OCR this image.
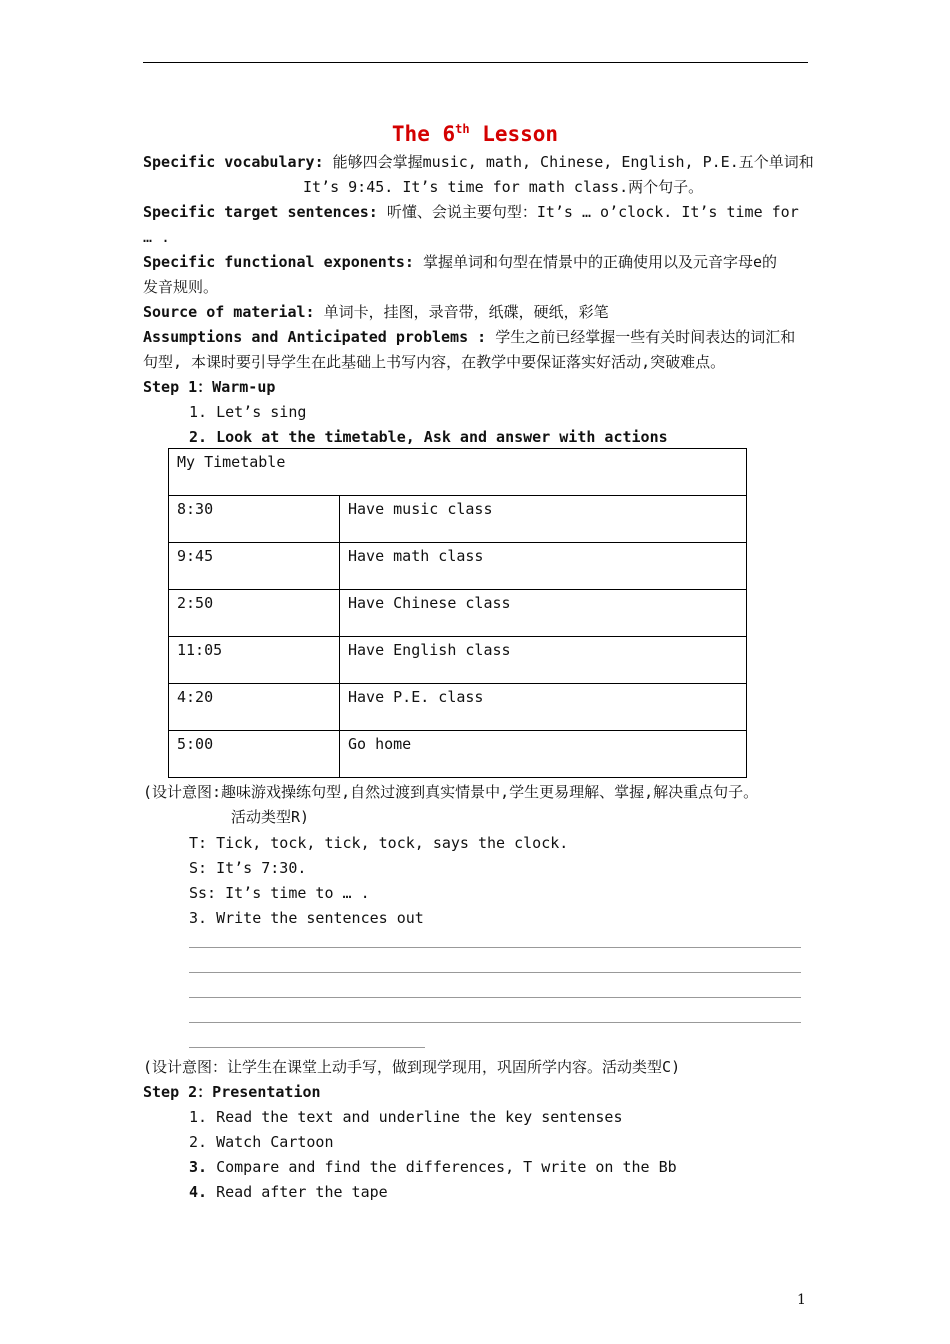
The 6th Lesson
Specific vocabulary: 能够四会掌握music, math, Chinese, English, P.E.五个单词和
It’s 9:45. It’s time for math class.两个句子。
Specific target sentences: 听懂、会说主要句型：It’s … o’clock. It’s time for
… .
Specific functional exponents: 掌握单词和句型在情景中的正确使用以及元音字母e的
发音规则。
Source of material: 单词卡，挂图，录音带，纸碟，硬纸，彩笔
Assumptions and Anticipated problems : 学生之前已经掌握一些有关时间表达的词汇和
句型, 本课时要引导学生在此基础上书写内容，在教学中要保证落实好活动,突破难点。
Step 1：Warm-up
1. Let’s sing
2. Look at the timetable, Ask and answer with actions
My Timetable	
8:30	Have music class
9:45	Have math class
2:50	Have Chinese class
11:05	Have English class
4:20	Have P.E. class
5:00	Go home
(设计意图:趣味游戏操练句型,自然过渡到真实情景中,学生更易理解、掌握,解决重点句子。
活动类型R)
T: Tick, tock, tick, tock, says the clock.
S: It’s 7:30.
Ss: It’s time to … .
3. Write the sentences out
(设计意图：让学生在课堂上动手写，做到现学现用，巩固所学内容。活动类型C)
Step 2：Presentation
1. Read the text and underline the key sentenses
2. Watch Cartoon
3. Compare and find the differences, T write on the Bb
4. Read after the tape
1
